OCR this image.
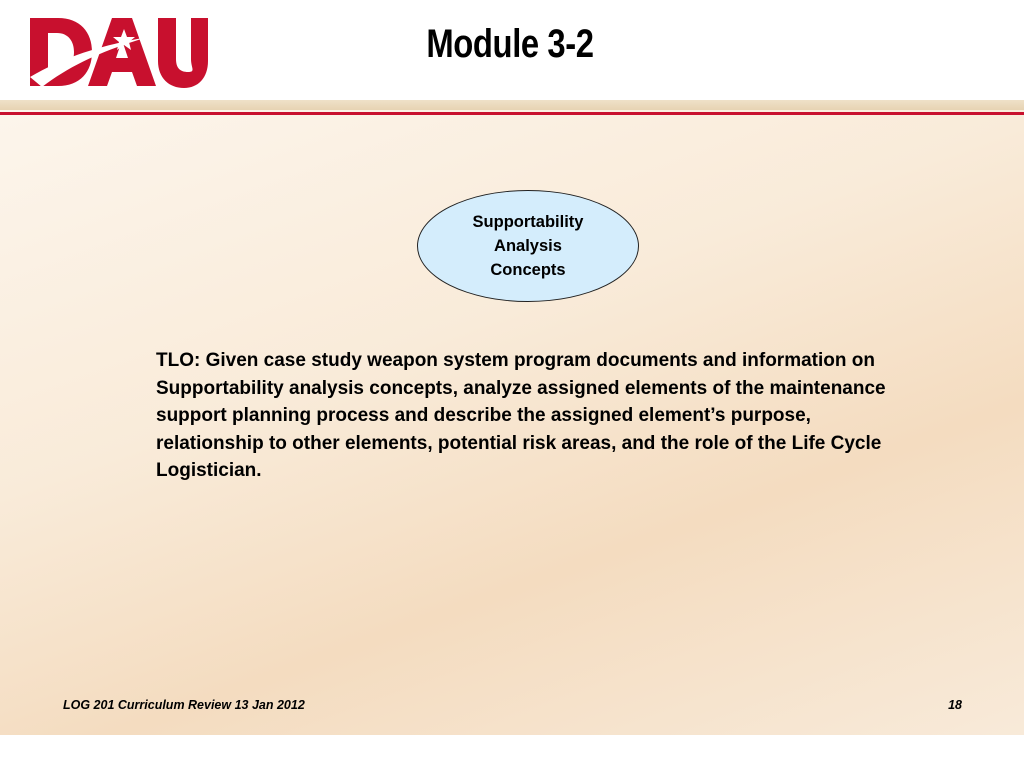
Module 3-2
Supportability
Analysis
Concepts
TLO: Given case study weapon system program documents and information on Supportability analysis concepts, analyze assigned elements of the maintenance support planning process and describe the assigned element’s purpose, relationship to other elements, potential risk areas, and the role of the Life Cycle Logistician.
LOG 201 Curriculum Review 13 Jan 2012	18
